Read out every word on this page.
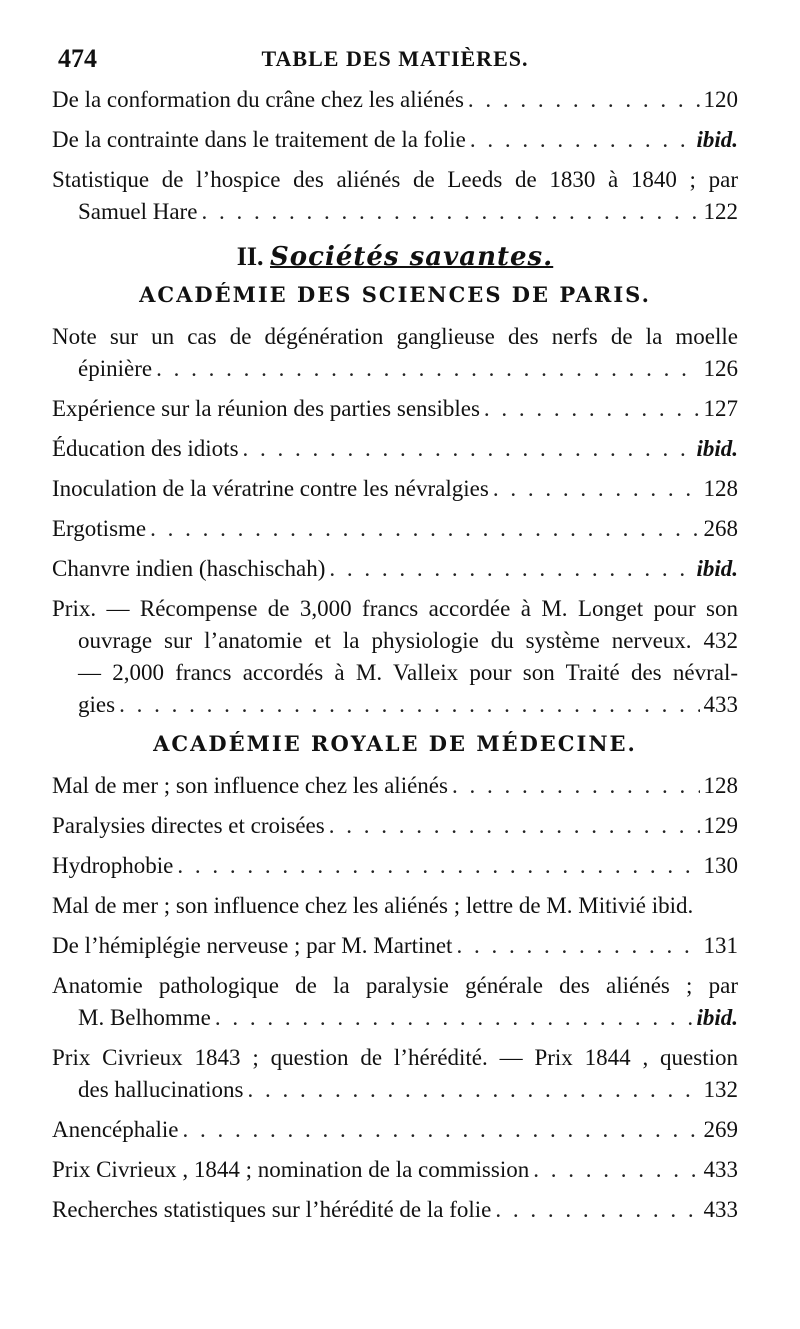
474	TABLE DES MATIÈRES.
De la conformation du crâne chez les aliénés . . .	120
De la contrainte dans le traitement de la folie . . .	ibid.
Statistique de l’hospice des aliénés de Leeds de 1830 à 1840 ; par
Samuel Hare . . .	122
II. Sociétés savantes.
ACADÉMIE DES SCIENCES DE PARIS.
Note sur un cas de dégénération ganglieuse des nerfs de la moelle
épinière . . .	126
Expérience sur la réunion des parties sensibles . . .	127
Éducation des idiots . . .	ibid.
Inoculation de la vératrine contre les névralgies . . .	128
Ergotisme . . .	268
Chanvre indien (haschischah) . . .	ibid.
Prix. — Récompense de 3,000 francs accordée à M. Longet pour son
ouvrage sur l’anatomie et la physiologie du système nerveux. 432
— 2,000 francs accordés à M. Valleix pour son Traité des névral-
gies . . .	433
ACADÉMIE ROYALE DE MÉDECINE.
Mal de mer ; son influence chez les aliénés . . .	128
Paralysies directes et croisées . . .	129
Hydrophobie . . .	130
Mal de mer ; son influence chez les aliénés ; lettre de M. Mitivié ibid.
De l’hémiplégie nerveuse ; par M. Martinet . . .	131
Anatomie pathologique de la paralysie générale des aliénés ; par
M. Belhomme . . .	ibid.
Prix Civrieux 1843 ; question de l’hérédité. — Prix 1844 , question
des hallucinations . . .	132
Anencéphalie . . .	269
Prix Civrieux , 1844 ; nomination de la commission . . .	433
Recherches statistiques sur l’hérédité de la folie . . .	433
